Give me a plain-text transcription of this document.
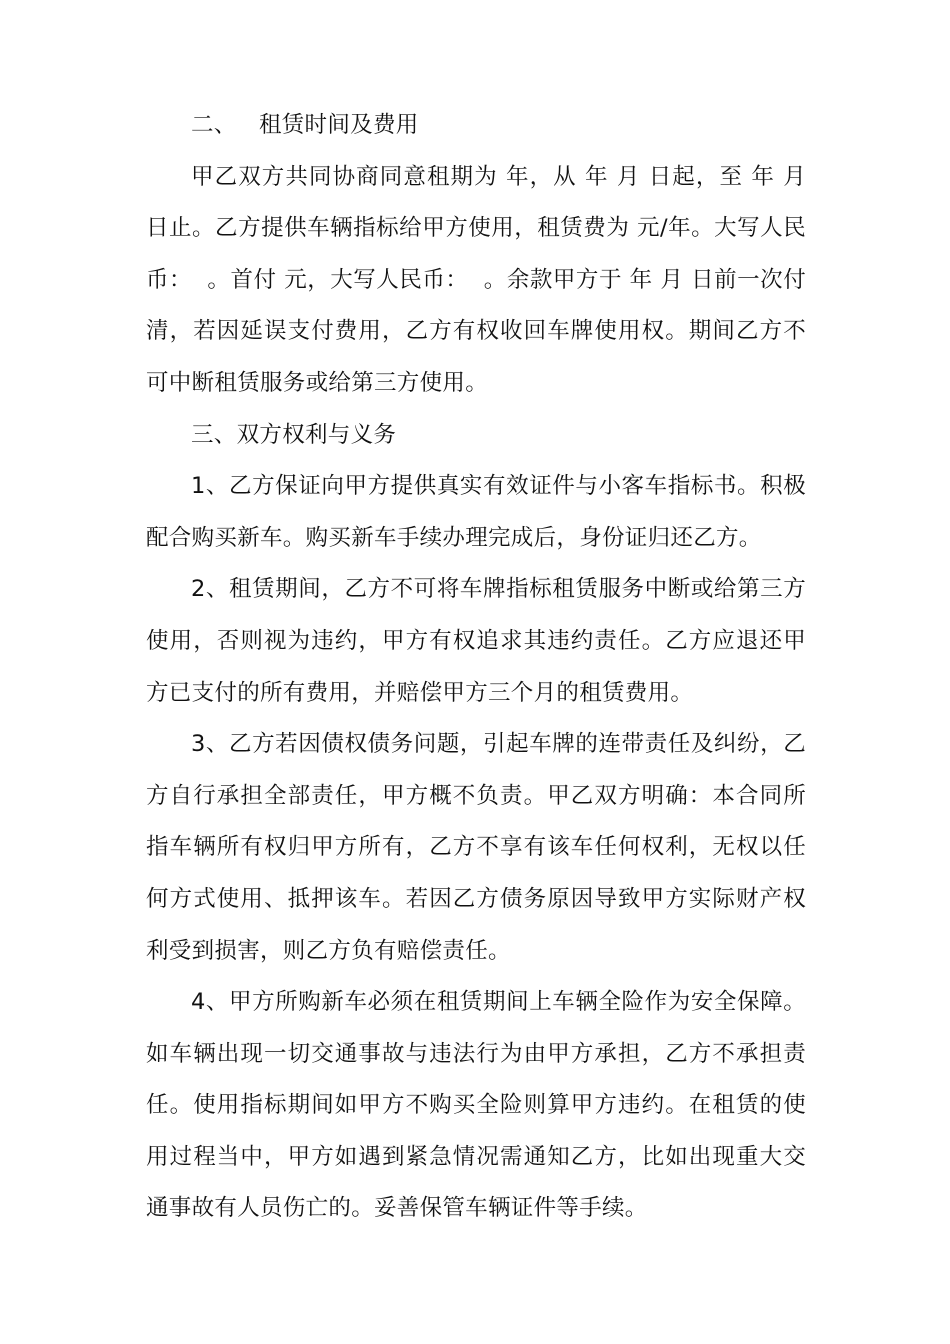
二、   租赁时间及费用

甲乙双方共同协商同意租期为 年，从 年 月 日起，至 年 月 日止。乙方提供车辆指标给甲方使用，租赁费为 元/年。大写人民币：  。首付 元，大写人民币：  。余款甲方于 年 月 日前一次付清，若因延误支付费用，乙方有权收回车牌使用权。期间乙方不可中断租赁服务或给第三方使用。

三、双方权利与义务

1、乙方保证向甲方提供真实有效证件与小客车指标书。积极配合购买新车。购买新车手续办理完成后，身份证归还乙方。

2、租赁期间，乙方不可将车牌指标租赁服务中断或给第三方使用，否则视为违约，甲方有权追求其违约责任。乙方应退还甲方已支付的所有费用，并赔偿甲方三个月的租赁费用。

3、乙方若因债权债务问题，引起车牌的连带责任及纠纷，乙方自行承担全部责任，甲方概不负责。甲乙双方明确：本合同所指车辆所有权归甲方所有，乙方不享有该车任何权利，无权以任何方式使用、抵押该车。若因乙方债务原因导致甲方实际财产权利受到损害，则乙方负有赔偿责任。

4、甲方所购新车必须在租赁期间上车辆全险作为安全保障。如车辆出现一切交通事故与违法行为由甲方承担，乙方不承担责任。使用指标期间如甲方不购买全险则算甲方违约。在租赁的使用过程当中，甲方如遇到紧急情况需通知乙方，比如出现重大交通事故有人员伤亡的。妥善保管车辆证件等手续。
